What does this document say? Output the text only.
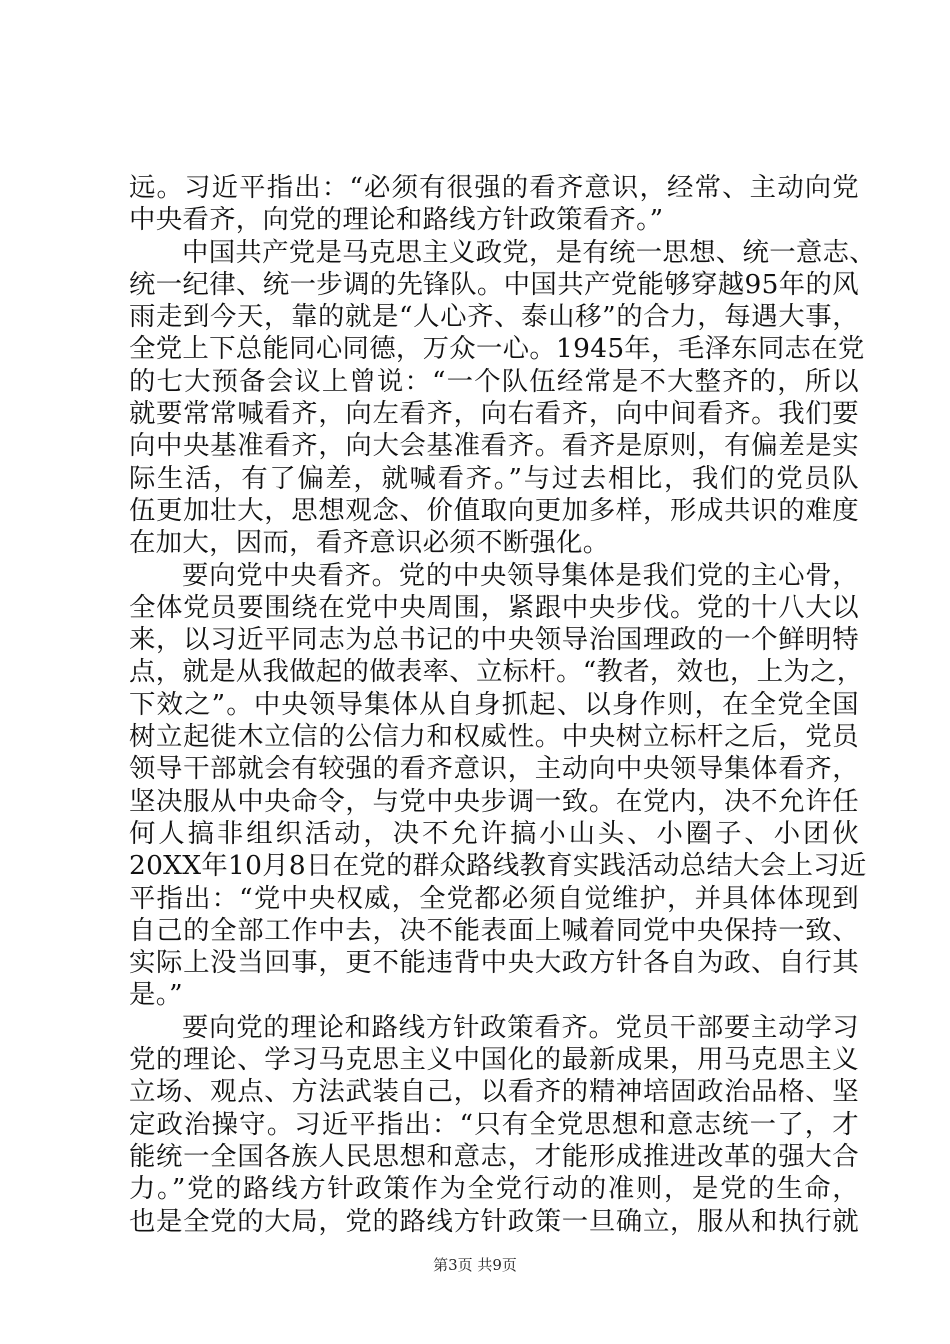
远。习近平指出：“必须有很强的看齐意识，经常、主动向党
中央看齐，向党的理论和路线方针政策看齐。”
中国共产党是马克思主义政党，是有统一思想、统一意志、
统一纪律、统一步调的先锋队。中国共产党能够穿越95年的风
雨走到今天，靠的就是“人心齐、泰山移”的合力，每遇大事，
全党上下总能同心同德，万众一心。1945年，毛泽东同志在党
的七大预备会议上曾说：“一个队伍经常是不大整齐的，所以
就要常常喊看齐，向左看齐，向右看齐，向中间看齐。我们要
向中央基准看齐，向大会基准看齐。看齐是原则，有偏差是实
际生活，有了偏差，就喊看齐。”与过去相比，我们的党员队
伍更加壮大，思想观念、价值取向更加多样，形成共识的难度
在加大，因而，看齐意识必须不断强化。
要向党中央看齐。党的中央领导集体是我们党的主心骨，
全体党员要围绕在党中央周围，紧跟中央步伐。党的十八大以
来，以习近平同志为总书记的中央领导治国理政的一个鲜明特
点，就是从我做起的做表率、立标杆。“教者，效也，上为之，
下效之”。中央领导集体从自身抓起、以身作则，在全党全国
树立起徙木立信的公信力和权威性。中央树立标杆之后，党员
领导干部就会有较强的看齐意识，主动向中央领导集体看齐，
坚决服从中央命令，与党中央步调一致。在党内，决不允许任
何人搞非组织活动，决不允许搞小山头、小圈子、小团伙
20XX年10月8日在党的群众路线教育实践活动总结大会上习近
平指出：“党中央权威，全党都必须自觉维护，并具体体现到
自己的全部工作中去，决不能表面上喊着同党中央保持一致、
实际上没当回事，更不能违背中央大政方针各自为政、自行其
是。”
要向党的理论和路线方针政策看齐。党员干部要主动学习
党的理论、学习马克思主义中国化的最新成果，用马克思主义
立场、观点、方法武装自己，以看齐的精神培固政治品格、坚
定政治操守。习近平指出：“只有全党思想和意志统一了，才
能统一全国各族人民思想和意志，才能形成推进改革的强大合
力。”党的路线方针政策作为全党行动的准则，是党的生命，
也是全党的大局，党的路线方针政策一旦确立，服从和执行就
第3页 共9页
